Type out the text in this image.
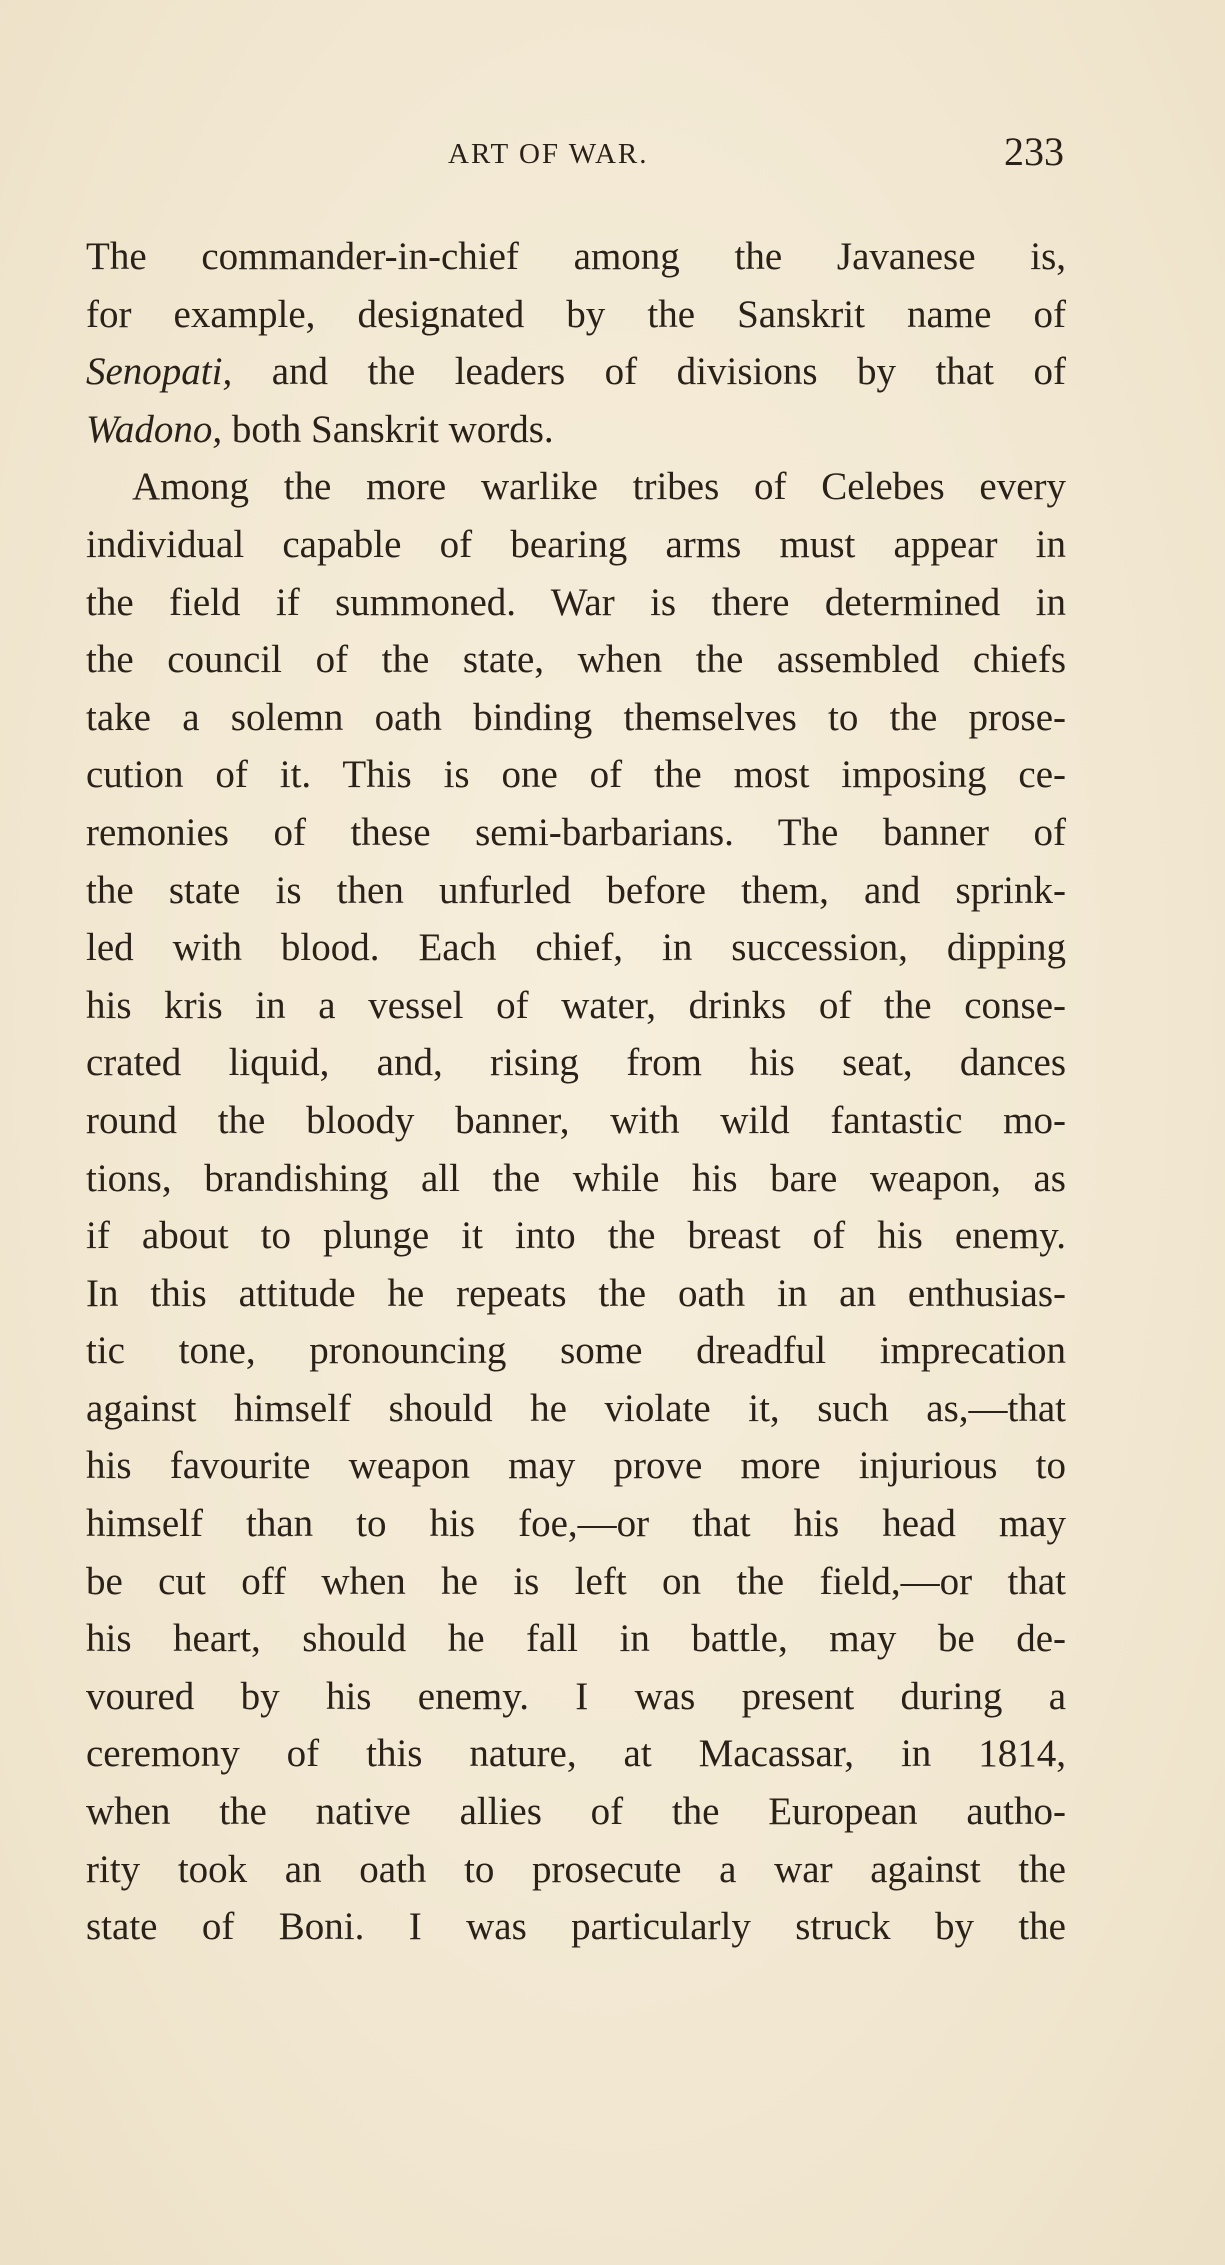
ART OF WAR.	233
The commander-in-chief among the Javanese is,
for example, designated by the Sanskrit name of
Senopati, and the leaders of divisions by that of
Wadono, both Sanskrit words.
Among the more warlike tribes of Celebes every
individual capable of bearing arms must appear in
the field if summoned. War is there determined in
the council of the state, when the assembled chiefs
take a solemn oath binding themselves to the prose-
cution of it. This is one of the most imposing ce-
remonies of these semi-barbarians. The banner of
the state is then unfurled before them, and sprink-
led with blood. Each chief, in succession, dipping
his kris in a vessel of water, drinks of the conse-
crated liquid, and, rising from his seat, dances
round the bloody banner, with wild fantastic mo-
tions, brandishing all the while his bare weapon, as
if about to plunge it into the breast of his enemy.
In this attitude he repeats the oath in an enthusias-
tic tone, pronouncing some dreadful imprecation
against himself should he violate it, such as,—that
his favourite weapon may prove more injurious to
himself than to his foe,—or that his head may
be cut off when he is left on the field,—or that
his heart, should he fall in battle, may be de-
voured by his enemy. I was present during a
ceremony of this nature, at Macassar, in 1814,
when the native allies of the European autho-
rity took an oath to prosecute a war against the
state of Boni. I was particularly struck by the
